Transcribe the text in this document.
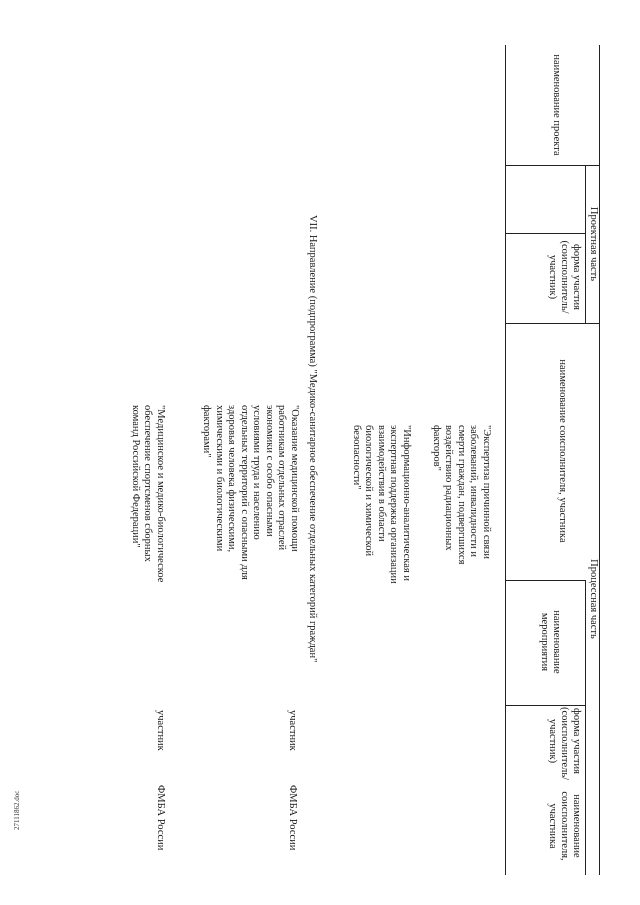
Проектная часть
Процессная часть
наименование проекта
форма участия (соисполнитель/ участник)
наименование соисполнителя, участника
наименование мероприятия
форма участия (соисполнитель/ участник)
наименование соисполнителя, участника
"Экспертиза причинной связи заболеваний, инвалидности и смерти граждан, подвергшихся воздействию радиационных факторов"
"Информационно-аналитическая и экспертная поддержка организации взаимодействия в области биологической и химической безопасности"
VII. Направление (подпрограмма) "Медико-санитарное обеспечение отдельных категорий граждан"
"Оказание медицинской помощи работникам отдельных отраслей экономики с особо опасными условиями труда и населению отдельных территорий с опасными для здоровья человека физическими, химическими и биологическими факторами"
участник
ФМБА России
"Медицинское и медико-биологическое обеспечение спортсменов сборных команд Российской Федерации"
участник
ФМБА России
27111862.doc
